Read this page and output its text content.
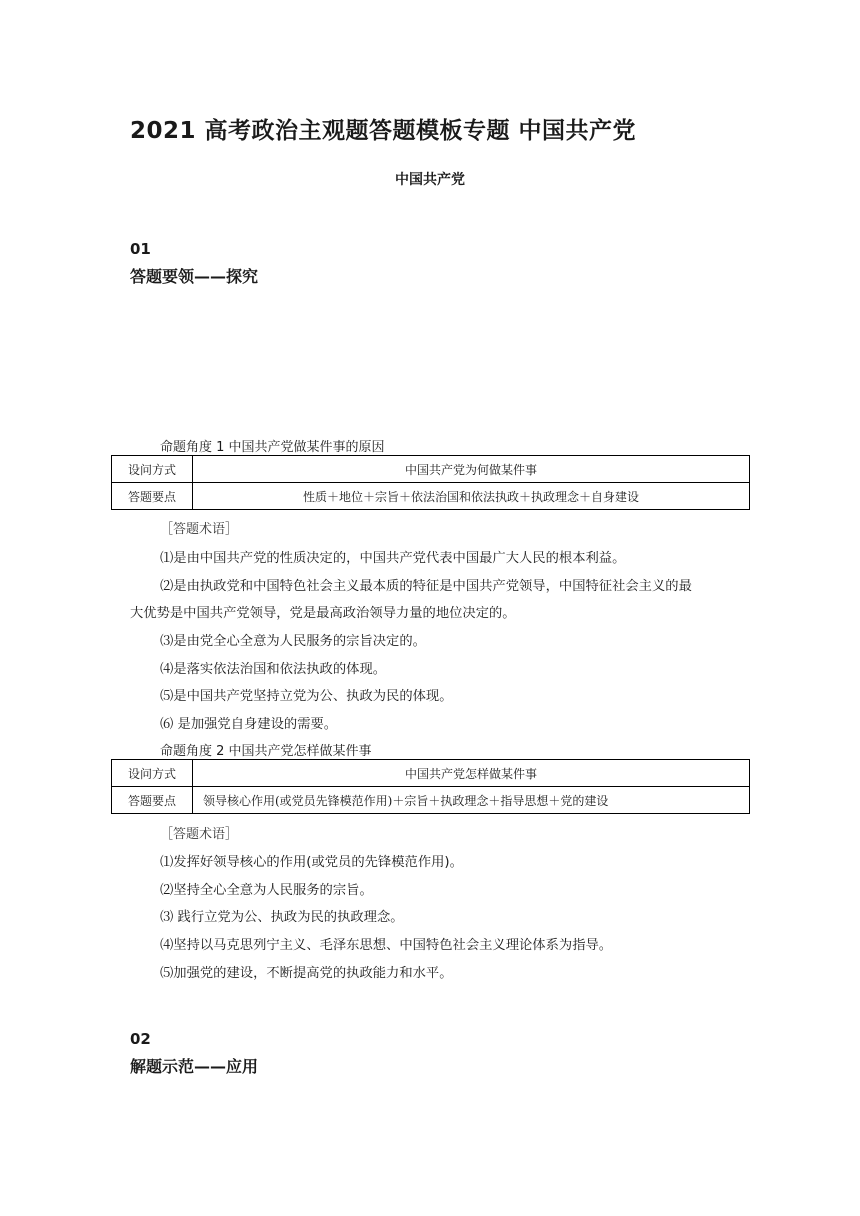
2021 高考政治主观题答题模板专题 中国共产党
中国共产党
01
答题要领——探究
命题角度 1 中国共产党做某件事的原因
设问方式	中国共产党为何做某件事
答题要点	性质＋地位＋宗旨＋依法治国和依法执政＋执政理念＋自身建设
［答题术语］
⑴是由中国共产党的性质决定的，中国共产党代表中国最广大人民的根本利益。
⑵是由执政党和中国特色社会主义最本质的特征是中国共产党领导，中国特征社会主义的最
大优势是中国共产党领导，党是最高政治领导力量的地位决定的。
⑶是由党全心全意为人民服务的宗旨决定的。
⑷是落实依法治国和依法执政的体现。
⑸是中国共产党坚持立党为公、执政为民的体现。
⑹ 是加强党自身建设的需要。
命题角度 2 中国共产党怎样做某件事
设问方式	中国共产党怎样做某件事
答题要点	领导核心作用(或党员先锋模范作用)＋宗旨＋执政理念＋指导思想＋党的建设
［答题术语］
⑴发挥好领导核心的作用(或党员的先锋模范作用)。
⑵坚持全心全意为人民服务的宗旨。
⑶ 践行立党为公、执政为民的执政理念。
⑷坚持以马克思列宁主义、毛泽东思想、中国特色社会主义理论体系为指导。
⑸加强党的建设，不断提高党的执政能力和水平。
02
解题示范——应用
